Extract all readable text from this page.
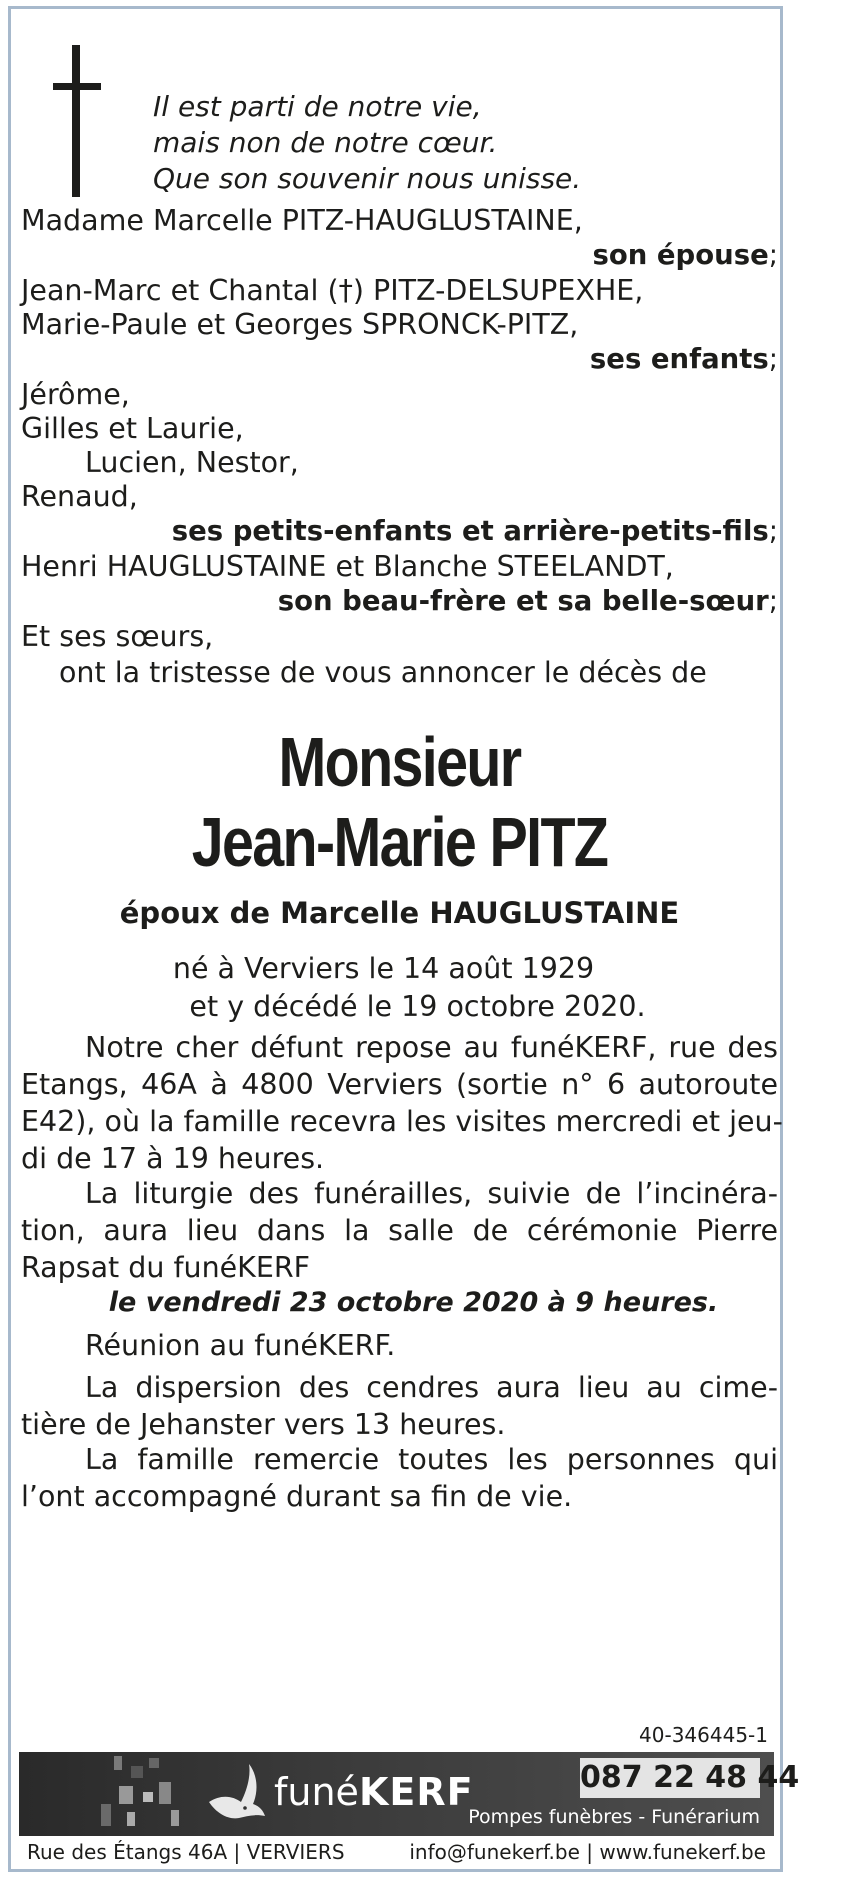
Il est parti de notre vie,
mais non de notre cœur.
Que son souvenir nous unisse.
Madame Marcelle PITZ-HAUGLUSTAINE,
son épouse;
Jean-Marc et Chantal (†) PITZ-DELSUPEXHE,
Marie-Paule et Georges SPRONCK-PITZ,
ses enfants;
Jérôme,
Gilles et Laurie,
Lucien, Nestor,
Renaud,
ses petits-enfants et arrière-petits-fils;
Henri HAUGLUSTAINE et Blanche STEELANDT,
son beau-frère et sa belle-sœur;
Et ses sœurs,
ont la tristesse de vous annoncer le décès de
Monsieur
Jean-Marie PITZ
époux de Marcelle HAUGLUSTAINE
né à Verviers le 14 août 1929
et y décédé le 19 octobre 2020.
Notre cher défunt repose au funéKERF, rue des
Etangs, 46A à 4800 Verviers (sortie n° 6 autoroute
E42), où la famille recevra les visites mercredi et jeu-
di de 17 à 19 heures.
La liturgie des funérailles, suivie de l’incinéra-
tion, aura lieu dans la salle de cérémonie Pierre
Rapsat du funéKERF
le vendredi 23 octobre 2020 à 9 heures.
Réunion au funéKERF.
La dispersion des cendres aura lieu au cime-
tière de Jehanster vers 13 heures.
La famille remercie toutes les personnes qui
l’ont accompagné durant sa fin de vie.
40-346445-1
funéKERF	087 22 48 44
Pompes funèbres - Funérarium
Rue des Étangs 46A | VERVIERS	info@funekerf.be | www.funekerf.be
